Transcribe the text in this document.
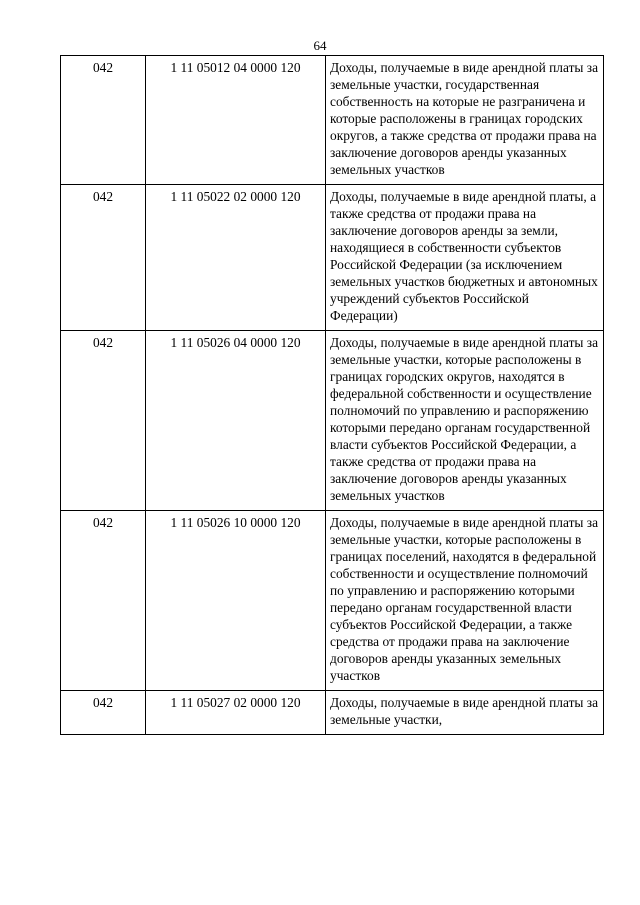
64
042	1 11 05012 04 0000 120	Доходы, получаемые в виде арендной платы за земельные участки, государственная собственность на которые не разграничена и которые расположены в границах городских округов, а также средства от продажи права на заключение договоров аренды указанных земельных участков
042	1 11 05022 02 0000 120	Доходы, получаемые в виде арендной платы, а также средства от продажи права на заключение договоров аренды за земли, находящиеся в собственности субъектов Российской Федерации (за исключением земельных участков бюджетных и автономных учреждений субъектов Российской Федерации)
042	1 11 05026 04 0000 120	Доходы, получаемые в виде арендной платы за земельные участки, которые расположены в границах городских округов, находятся в федеральной собственности и осуществление полномочий по управлению и распоряжению которыми передано органам государственной власти субъектов Российской Федерации, а также средства от продажи права на заключение договоров аренды указанных земельных участков
042	1 11 05026 10 0000 120	Доходы, получаемые в виде арендной платы за земельные участки, которые расположены в границах поселений, находятся в федеральной собственности и осуществление полномочий по управлению и распоряжению которыми передано органам государственной власти субъектов Российской Федерации, а также средства от продажи права на заключение договоров аренды указанных земельных участков
042	1 11 05027 02 0000 120	Доходы, получаемые в виде арендной платы за земельные участки,
